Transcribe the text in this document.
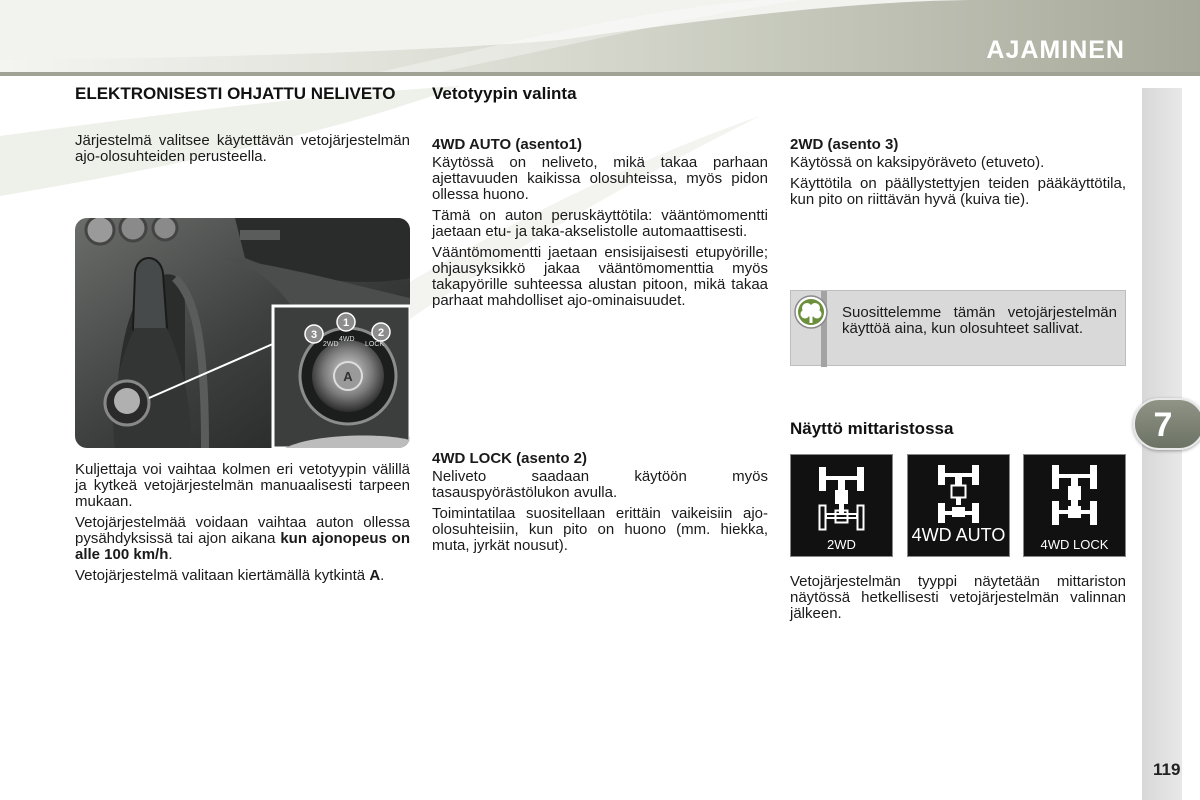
AJAMINEN
7
ELEKTRONISESTI OHJATTU NELIVETO

Järjestelmä valitsee käytettävän vetojärjestelmän ajo-olosuhteiden perusteella.

A
2WD
4WD
LOCK
1
2
3

Kuljettaja voi vaihtaa kolmen eri vetotyypin välillä ja kytkeä vetojärjestelmän manuaalisesti tarpeen mukaan.

Vetojärjestelmää voidaan vaihtaa auton ollessa pysähdyksissä tai ajon aikana kun ajonopeus on alle 100 km/h.

Vetojärjestelmä valitaan kiertämällä kytkintä A.

Vetotyypin valinta
4WD AUTO (asento1)

Käytössä on neliveto, mikä takaa parhaan ajettavuuden kaikissa olosuhteissa, myös pidon ollessa huono.

Tämä on auton peruskäyttötila: vääntömomentti jaetaan etu- ja taka-akselistolle automaattisesti.

Vääntömomentti jaetaan ensisijaisesti etupyörille; ohjausyksikkö jakaa vääntömomenttia myös takapyörille suhteessa alustan pitoon, mikä takaa parhaat mahdolliset ajo-ominaisuudet.

4WD LOCK (asento 2)

Neliveto saadaan käytöön myös tasauspyörästölukon avulla.

Toimintatilaa suositellaan erittäin vaikeisiin ajo-olosuhteisiin, kun pito on huono (mm. hiekka, muta, jyrkät nousut).

2WD (asento 3)

Käytössä on kaksipyöräveto (etuveto).

Käyttötila on päällystettyjen teiden pääkäyttötila, kun pito on riittävän hyvä (kuiva tie).

Suosittelemme tämän vetojärjestelmän käyttöä aina, kun olosuhteet sallivat.
Näyttö mittaristossa
2WD	4WD AUTO	4WD LOCK
Vetojärjestelmän tyyppi näytetään mittariston näytössä hetkellisesti vetojärjestelmän valinnan jälkeen.
119
